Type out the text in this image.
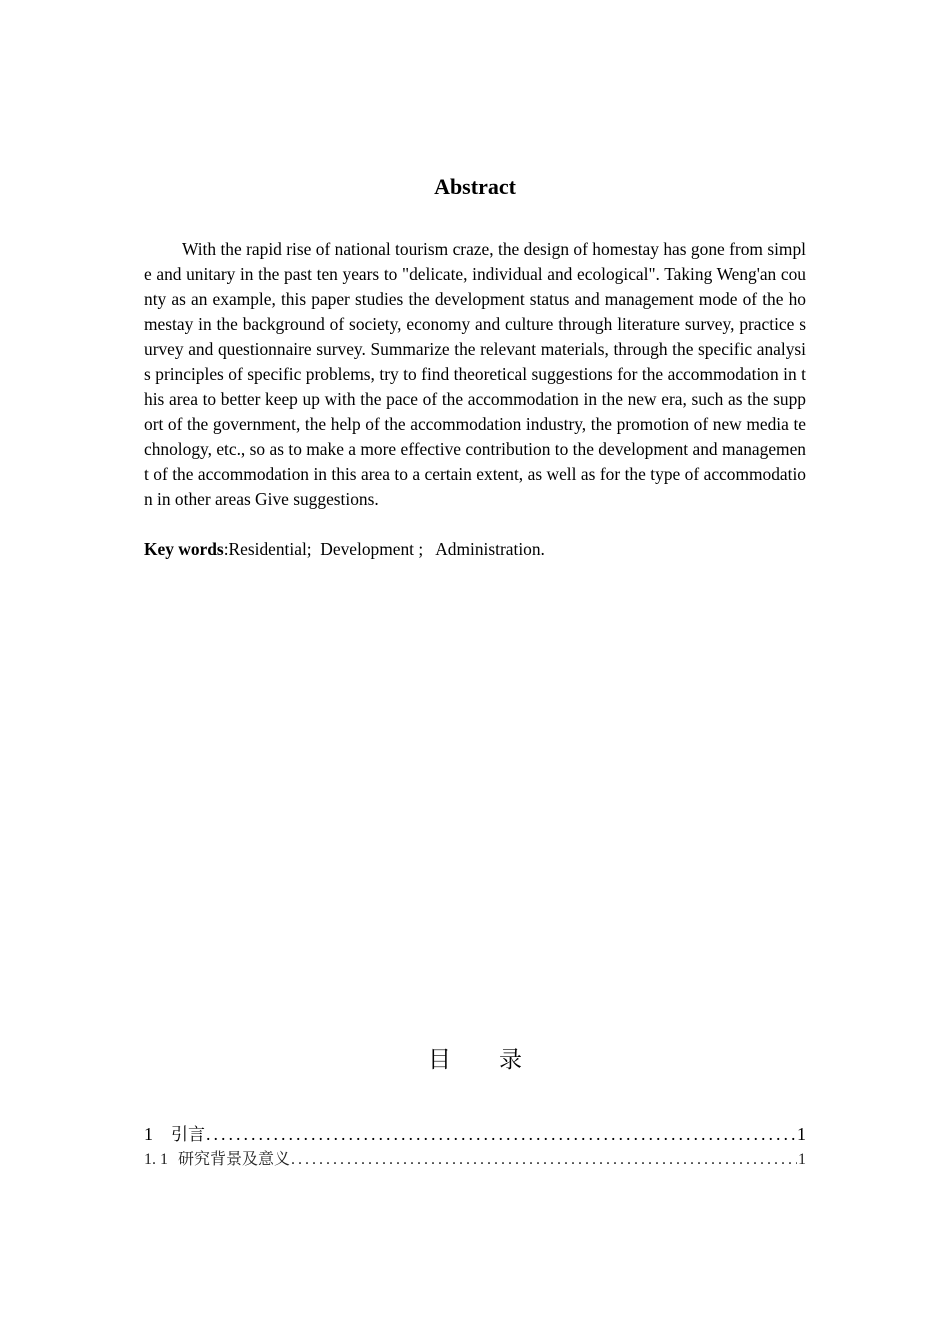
Abstract
With the rapid rise of national tourism craze, the design of homestay has gone from simple and unitary in the past ten years to "delicate, individual and ecological". Taking Weng'an county as an example, this paper studies the development status and management mode of the homestay in the background of society, economy and culture through literature survey, practice survey and questionnaire survey. Summarize the relevant materials, through the specific analysis principles of specific problems, try to find theoretical suggestions for the accommodation in this area to better keep up with the pace of the accommodation in the new era, such as the support of the government, the help of the accommodation industry, the promotion of new media technology, etc., so as to make a more effective contribution to the development and management of the accommodation in this area to a certain extent, as well as for the type of accommodation in other areas Give suggestions.
Key words:Residential;  Development ;   Administration.
目录
1 引言 .....	1
1. 1 研究背景及意义 .....	1
